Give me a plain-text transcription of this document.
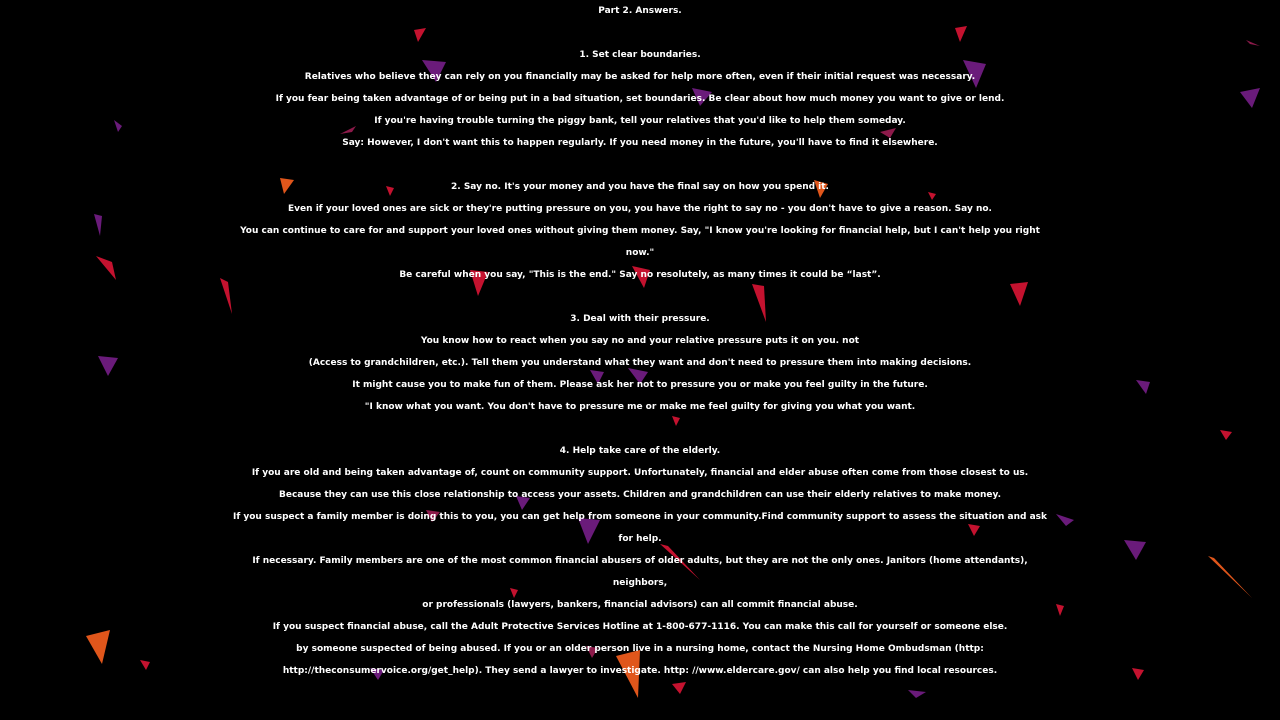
Part 2. Answers.
1. Set clear boundaries.
Relatives who believe they can rely on you financially may be asked for help more often, even if their initial request was necessary.
If you fear being taken advantage of or being put in a bad situation, set boundaries. Be clear about how much money you want to give or lend.
If you're having trouble turning the piggy bank, tell your relatives that you'd like to help them someday.
Say: However, I don't want this to happen regularly. If you need money in the future, you'll have to find it elsewhere.
2. Say no. It's your money and you have the final say on how you spend it.
Even if your loved ones are sick or they're putting pressure on you, you have the right to say no - you don't have to give a reason. Say no.
You can continue to care for and support your loved ones without giving them money. Say, "I know you're looking for financial help, but I can't help you right
now."
Be careful when you say, "This is the end." Say no resolutely, as many times it could be “last”.
3. Deal with their pressure.
You know how to react when you say no and your relative pressure puts it on you. not
(Access to grandchildren, etc.). Tell them you understand what they want and don't need to pressure them into making decisions.
It might cause you to make fun of them. Please ask her not to pressure you or make you feel guilty in the future.
"I know what you want. You don't have to pressure me or make me feel guilty for giving you what you want.
4. Help take care of the elderly.
If you are old and being taken advantage of, count on community support. Unfortunately, financial and elder abuse often come from those closest to us.
Because they can use this close relationship to access your assets. Children and grandchildren can use their elderly relatives to make money.
If you suspect a family member is doing this to you, you can get help from someone in your community.Find community support to assess the situation and ask
for help.
If necessary. Family members are one of the most common financial abusers of older adults, but they are not the only ones. Janitors (home attendants),
neighbors,
or professionals (lawyers, bankers, financial advisors) can all commit financial abuse.
If you suspect financial abuse, call the Adult Protective Services Hotline at 1-800-677-1116. You can make this call for yourself or someone else.
by someone suspected of being abused. If you or an older person live in a nursing home, contact the Nursing Home Ombudsman (http:
http://theconsumervoice.org/get_help). They send a lawyer to investigate. http: //www.eldercare.gov/ can also help you find local resources.
